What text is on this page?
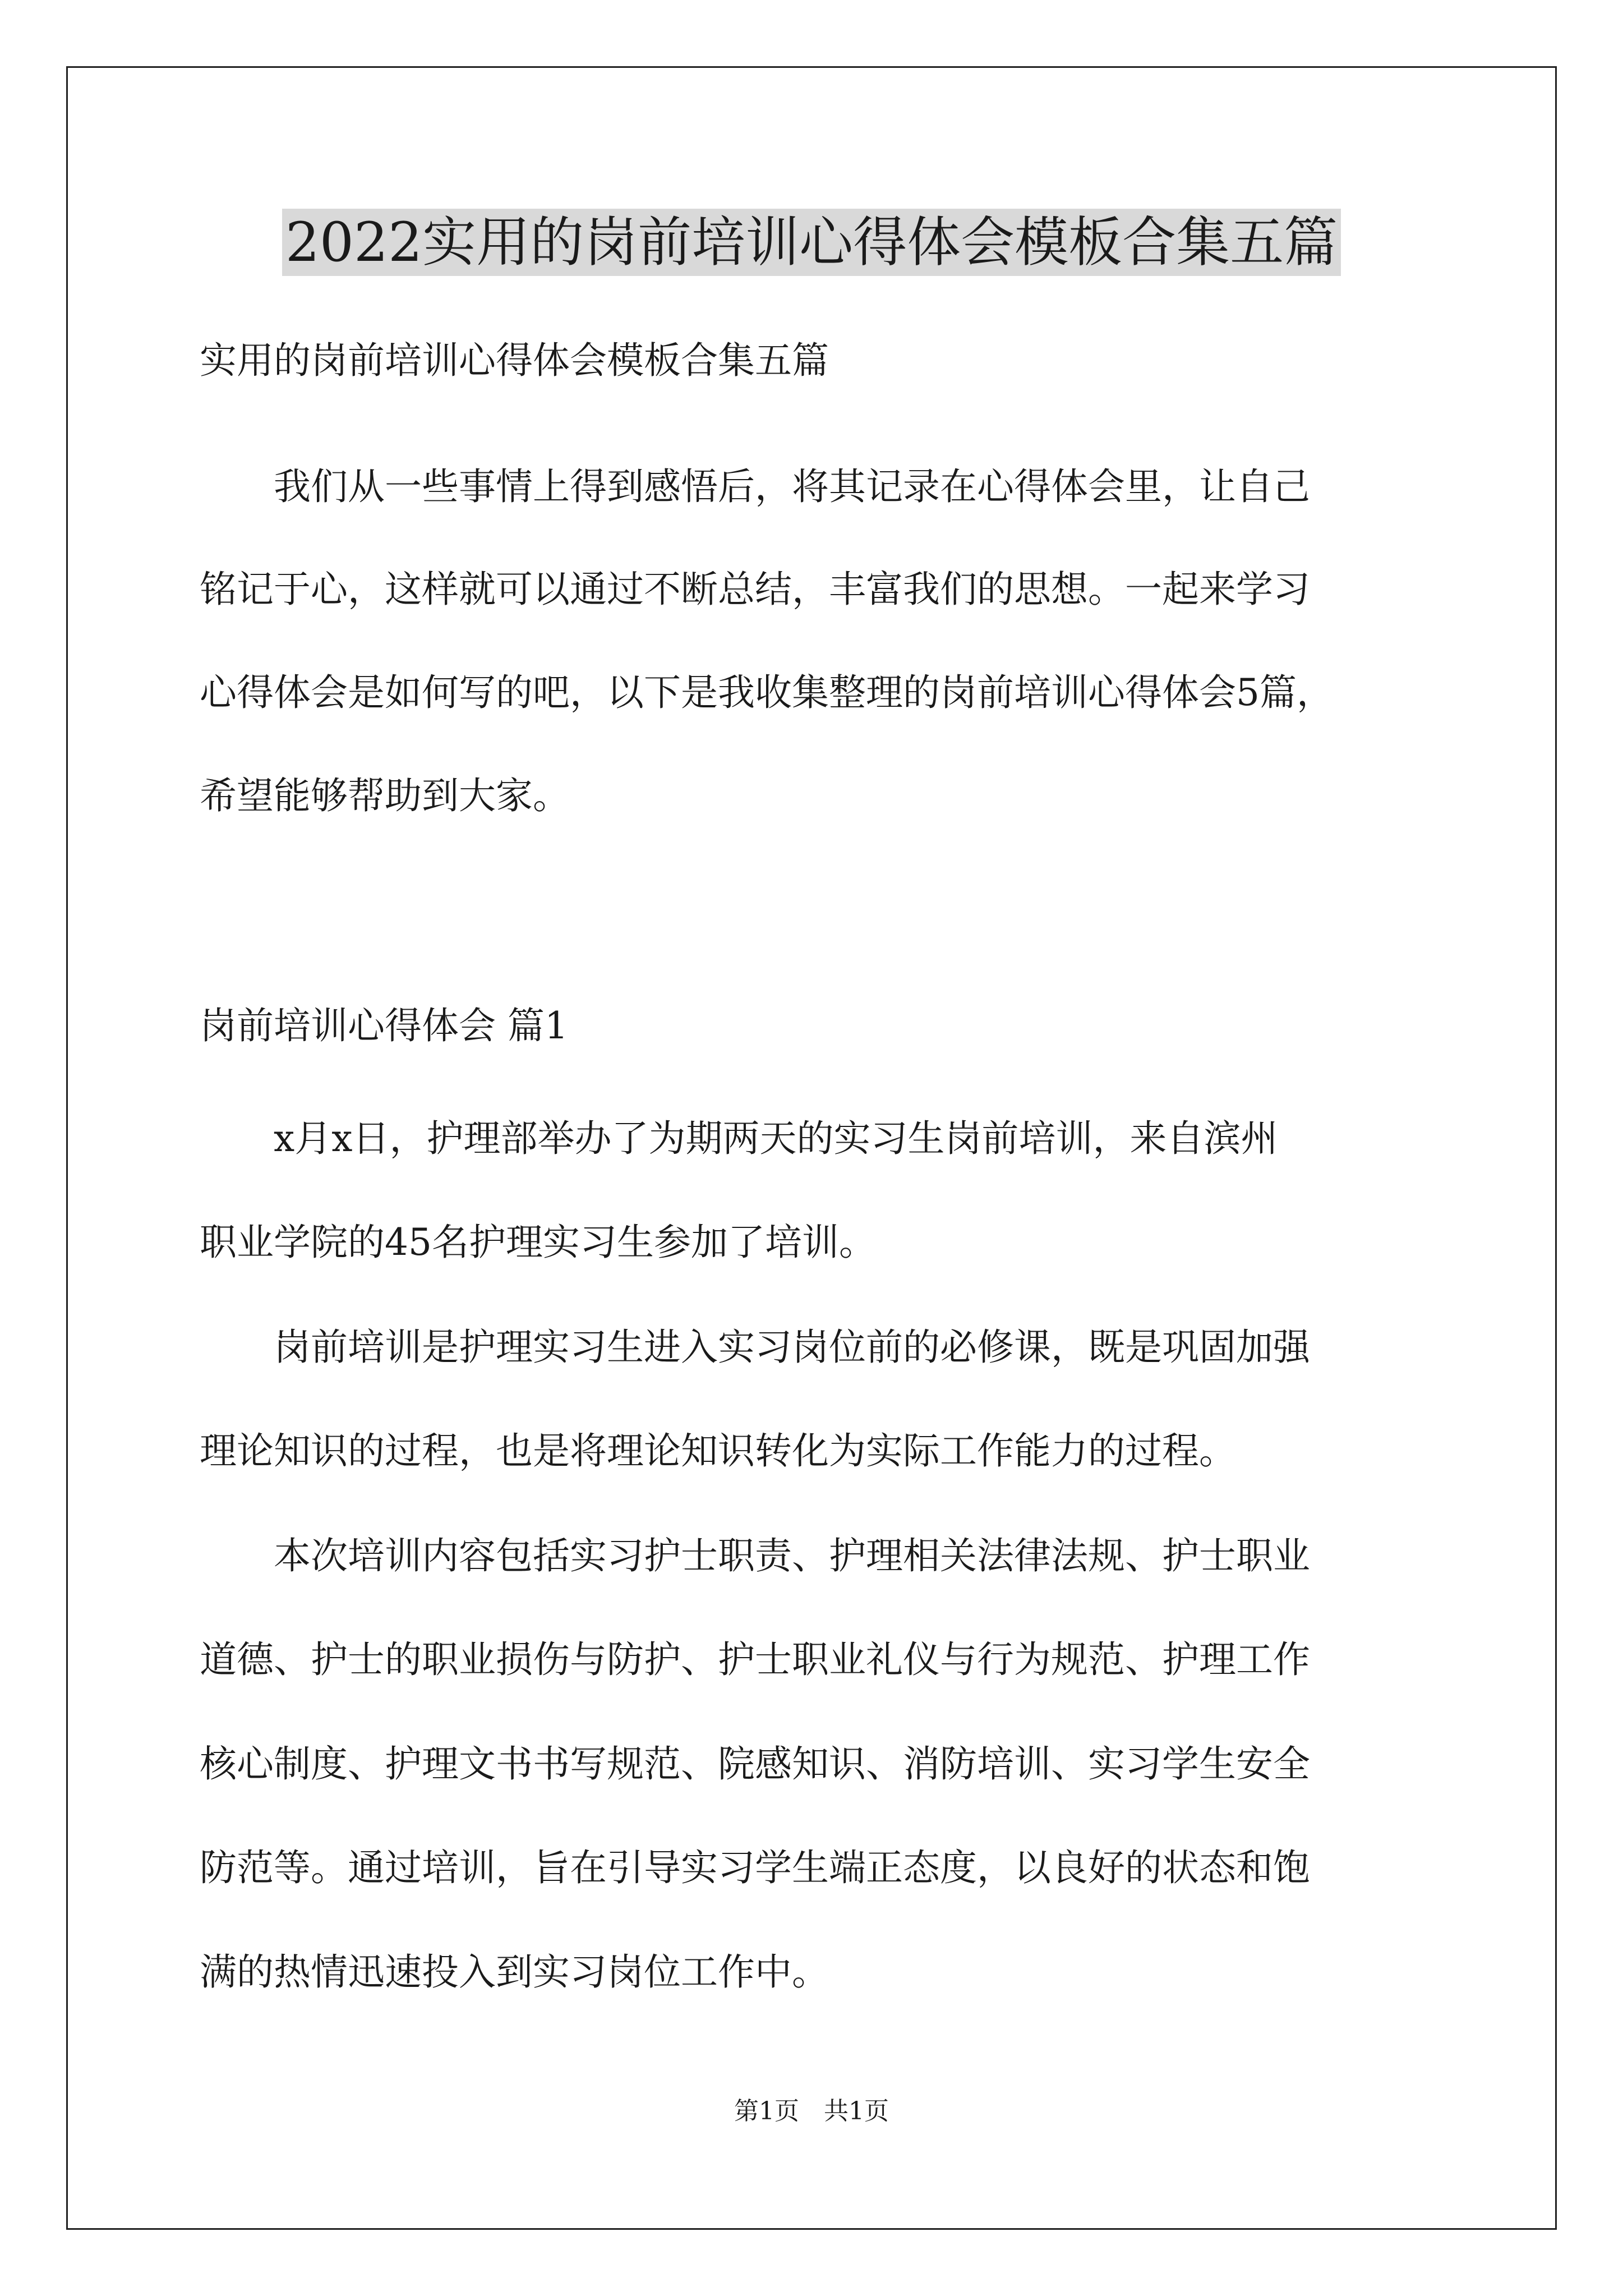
2022实用的岗前培训心得体会模板合集五篇

实用的岗前培训心得体会模板合集五篇

　　我们从一些事情上得到感悟后，将其记录在心得体会里，让自己

铭记于心，这样就可以通过不断总结，丰富我们的思想。一起来学习

心得体会是如何写的吧，以下是我收集整理的岗前培训心得体会5篇，

希望能够帮助到大家。

岗前培训心得体会 篇1

　　x月x日，护理部举办了为期两天的实习生岗前培训，来自滨州

职业学院的45名护理实习生参加了培训。

　　岗前培训是护理实习生进入实习岗位前的必修课，既是巩固加强

理论知识的过程，也是将理论知识转化为实际工作能力的过程。

　　本次培训内容包括实习护士职责、护理相关法律法规、护士职业

道德、护士的职业损伤与防护、护士职业礼仪与行为规范、护理工作

核心制度、护理文书书写规范、院感知识、消防培训、实习学生安全

防范等。通过培训，旨在引导实习学生端正态度，以良好的状态和饱

满的热情迅速投入到实习岗位工作中。

第1页　共1页
